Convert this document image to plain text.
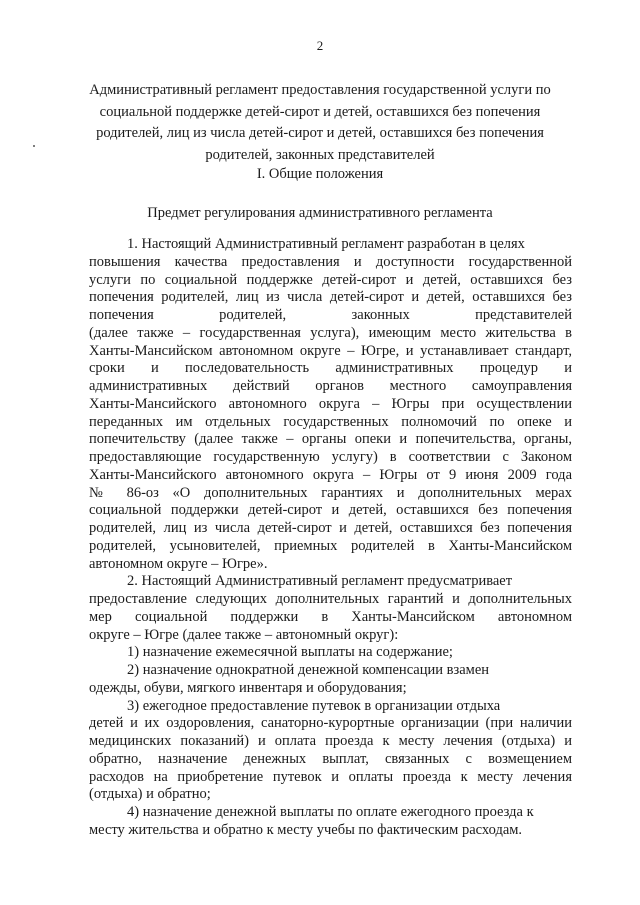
2
Административный регламент предоставления государственной услуги по социальной поддержке детей-сирот и детей, оставшихся без попечения родителей, лиц из числа детей-сирот и детей, оставшихся без попечения родителей, законных представителей
I. Общие положения
Предмет регулирования административного регламента
1. Настоящий Административный регламент разработан в целях
повышения качества предоставления и доступности государственной
услуги по социальной поддержке детей-сирот и детей, оставшихся без
попечения родителей, лиц из числа детей-сирот и детей, оставшихся без
попечения родителей, законных представителей
(далее также – государственная услуга), имеющим место жительства в
Ханты-Мансийском автономном округе – Югре, и устанавливает стандарт,
сроки и последовательность административных процедур и
административных действий органов местного самоуправления
Ханты-Мансийского автономного округа – Югры при осуществлении
переданных им отдельных государственных полномочий по опеке и
попечительству (далее также – органы опеки и попечительства, органы,
предоставляющие государственную услугу) в соответствии с Законом
Ханты-Мансийского автономного округа – Югры от 9 июня 2009 года
№ 86-оз «О дополнительных гарантиях и дополнительных мерах
социальной поддержки детей-сирот и детей, оставшихся без попечения
родителей, лиц из числа детей-сирот и детей, оставшихся без попечения
родителей, усыновителей, приемных родителей в Ханты-Мансийском
автономном округе – Югре».
2. Настоящий Административный регламент предусматривает
предоставление следующих дополнительных гарантий и дополнительных
мер социальной поддержки в Ханты-Мансийском автономном
округе – Югре (далее также – автономный округ):
1) назначение ежемесячной выплаты на содержание;
2) назначение однократной денежной компенсации взамен
одежды, обуви, мягкого инвентаря и оборудования;
3) ежегодное предоставление путевок в организации отдыха
детей и их оздоровления, санаторно-курортные организации (при наличии
медицинских показаний) и оплата проезда к месту лечения (отдыха) и
обратно, назначение денежных выплат, связанных с возмещением
расходов на приобретение путевок и оплаты проезда к месту лечения
(отдыха) и обратно;
4) назначение денежной выплаты по оплате ежегодного проезда к
месту жительства и обратно к месту учебы по фактическим расходам.
